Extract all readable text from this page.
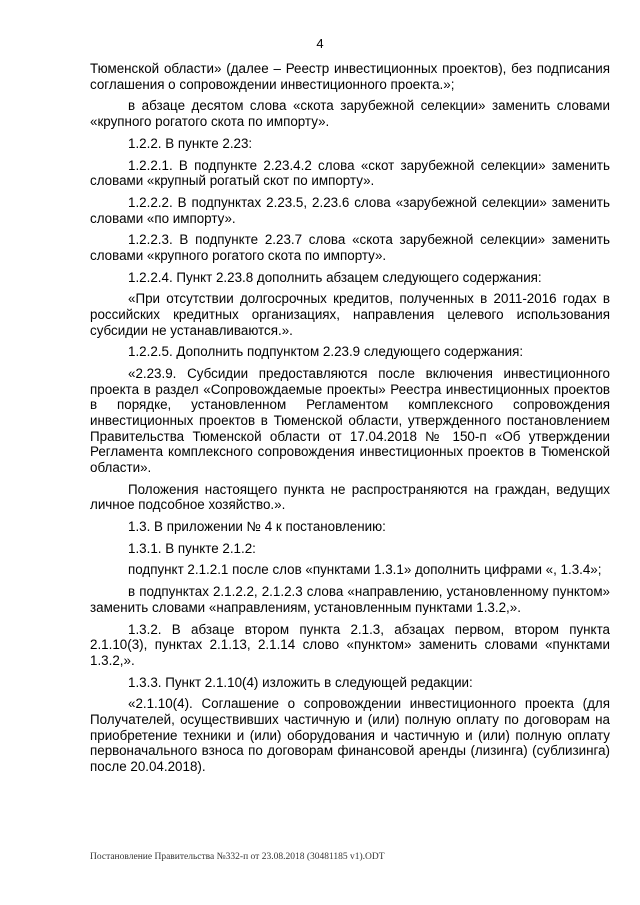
4

Тюменской области» (далее – Реестр инвестиционных проектов), без подписания соглашения о сопровождении инвестиционного проекта.»;

в абзаце десятом слова «скота зарубежной селекции» заменить словами «крупного рогатого скота по импорту».

1.2.2. В пункте 2.23:

1.2.2.1. В подпункте 2.23.4.2 слова «скот зарубежной селекции» заменить словами «крупный рогатый скот по импорту».

1.2.2.2. В подпунктах 2.23.5, 2.23.6 слова «зарубежной селекции» заменить словами «по импорту».

1.2.2.3. В подпункте 2.23.7 слова «скота зарубежной селекции» заменить словами «крупного рогатого скота по импорту».

1.2.2.4. Пункт 2.23.8 дополнить абзацем следующего содержания:

«При отсутствии долгосрочных кредитов, полученных в 2011-2016 годах в российских кредитных организациях, направления целевого использования субсидии не устанавливаются.».

1.2.2.5. Дополнить подпунктом 2.23.9 следующего содержания:

«2.23.9. Субсидии предоставляются после включения инвестиционного проекта в раздел «Сопровождаемые проекты» Реестра инвестиционных проектов в порядке, установленном Регламентом комплексного сопровождения инвестиционных проектов в Тюменской области, утвержденного постановлением Правительства Тюменской области от 17.04.2018 № 150-п «Об утверждении Регламента комплексного сопровождения инвестиционных проектов в Тюменской области».

Положения настоящего пункта не распространяются на граждан, ведущих личное подсобное хозяйство.».

1.3. В приложении № 4 к постановлению:

1.3.1. В пункте 2.1.2:

подпункт 2.1.2.1 после слов «пунктами 1.3.1» дополнить цифрами «, 1.3.4»;

в подпунктах 2.1.2.2, 2.1.2.3 слова «направлению, установленному пунктом» заменить словами «направлениям, установленным пунктами 1.3.2,».

1.3.2. В абзаце втором пункта 2.1.3, абзацах первом, втором пункта 2.1.10(3), пунктах 2.1.13, 2.1.14 слово «пунктом» заменить словами «пунктами 1.3.2,».

1.3.3. Пункт 2.1.10(4) изложить в следующей редакции:

«2.1.10(4). Соглашение о сопровождении инвестиционного проекта (для Получателей, осуществивших частичную и (или) полную оплату по договорам на приобретение техники и (или) оборудования и частичную и (или) полную оплату первоначального взноса по договорам финансовой аренды (лизинга) (сублизинга) после 20.04.2018).

Постановление Правительства №332-п от 23.08.2018 (30481185 v1).ODT
